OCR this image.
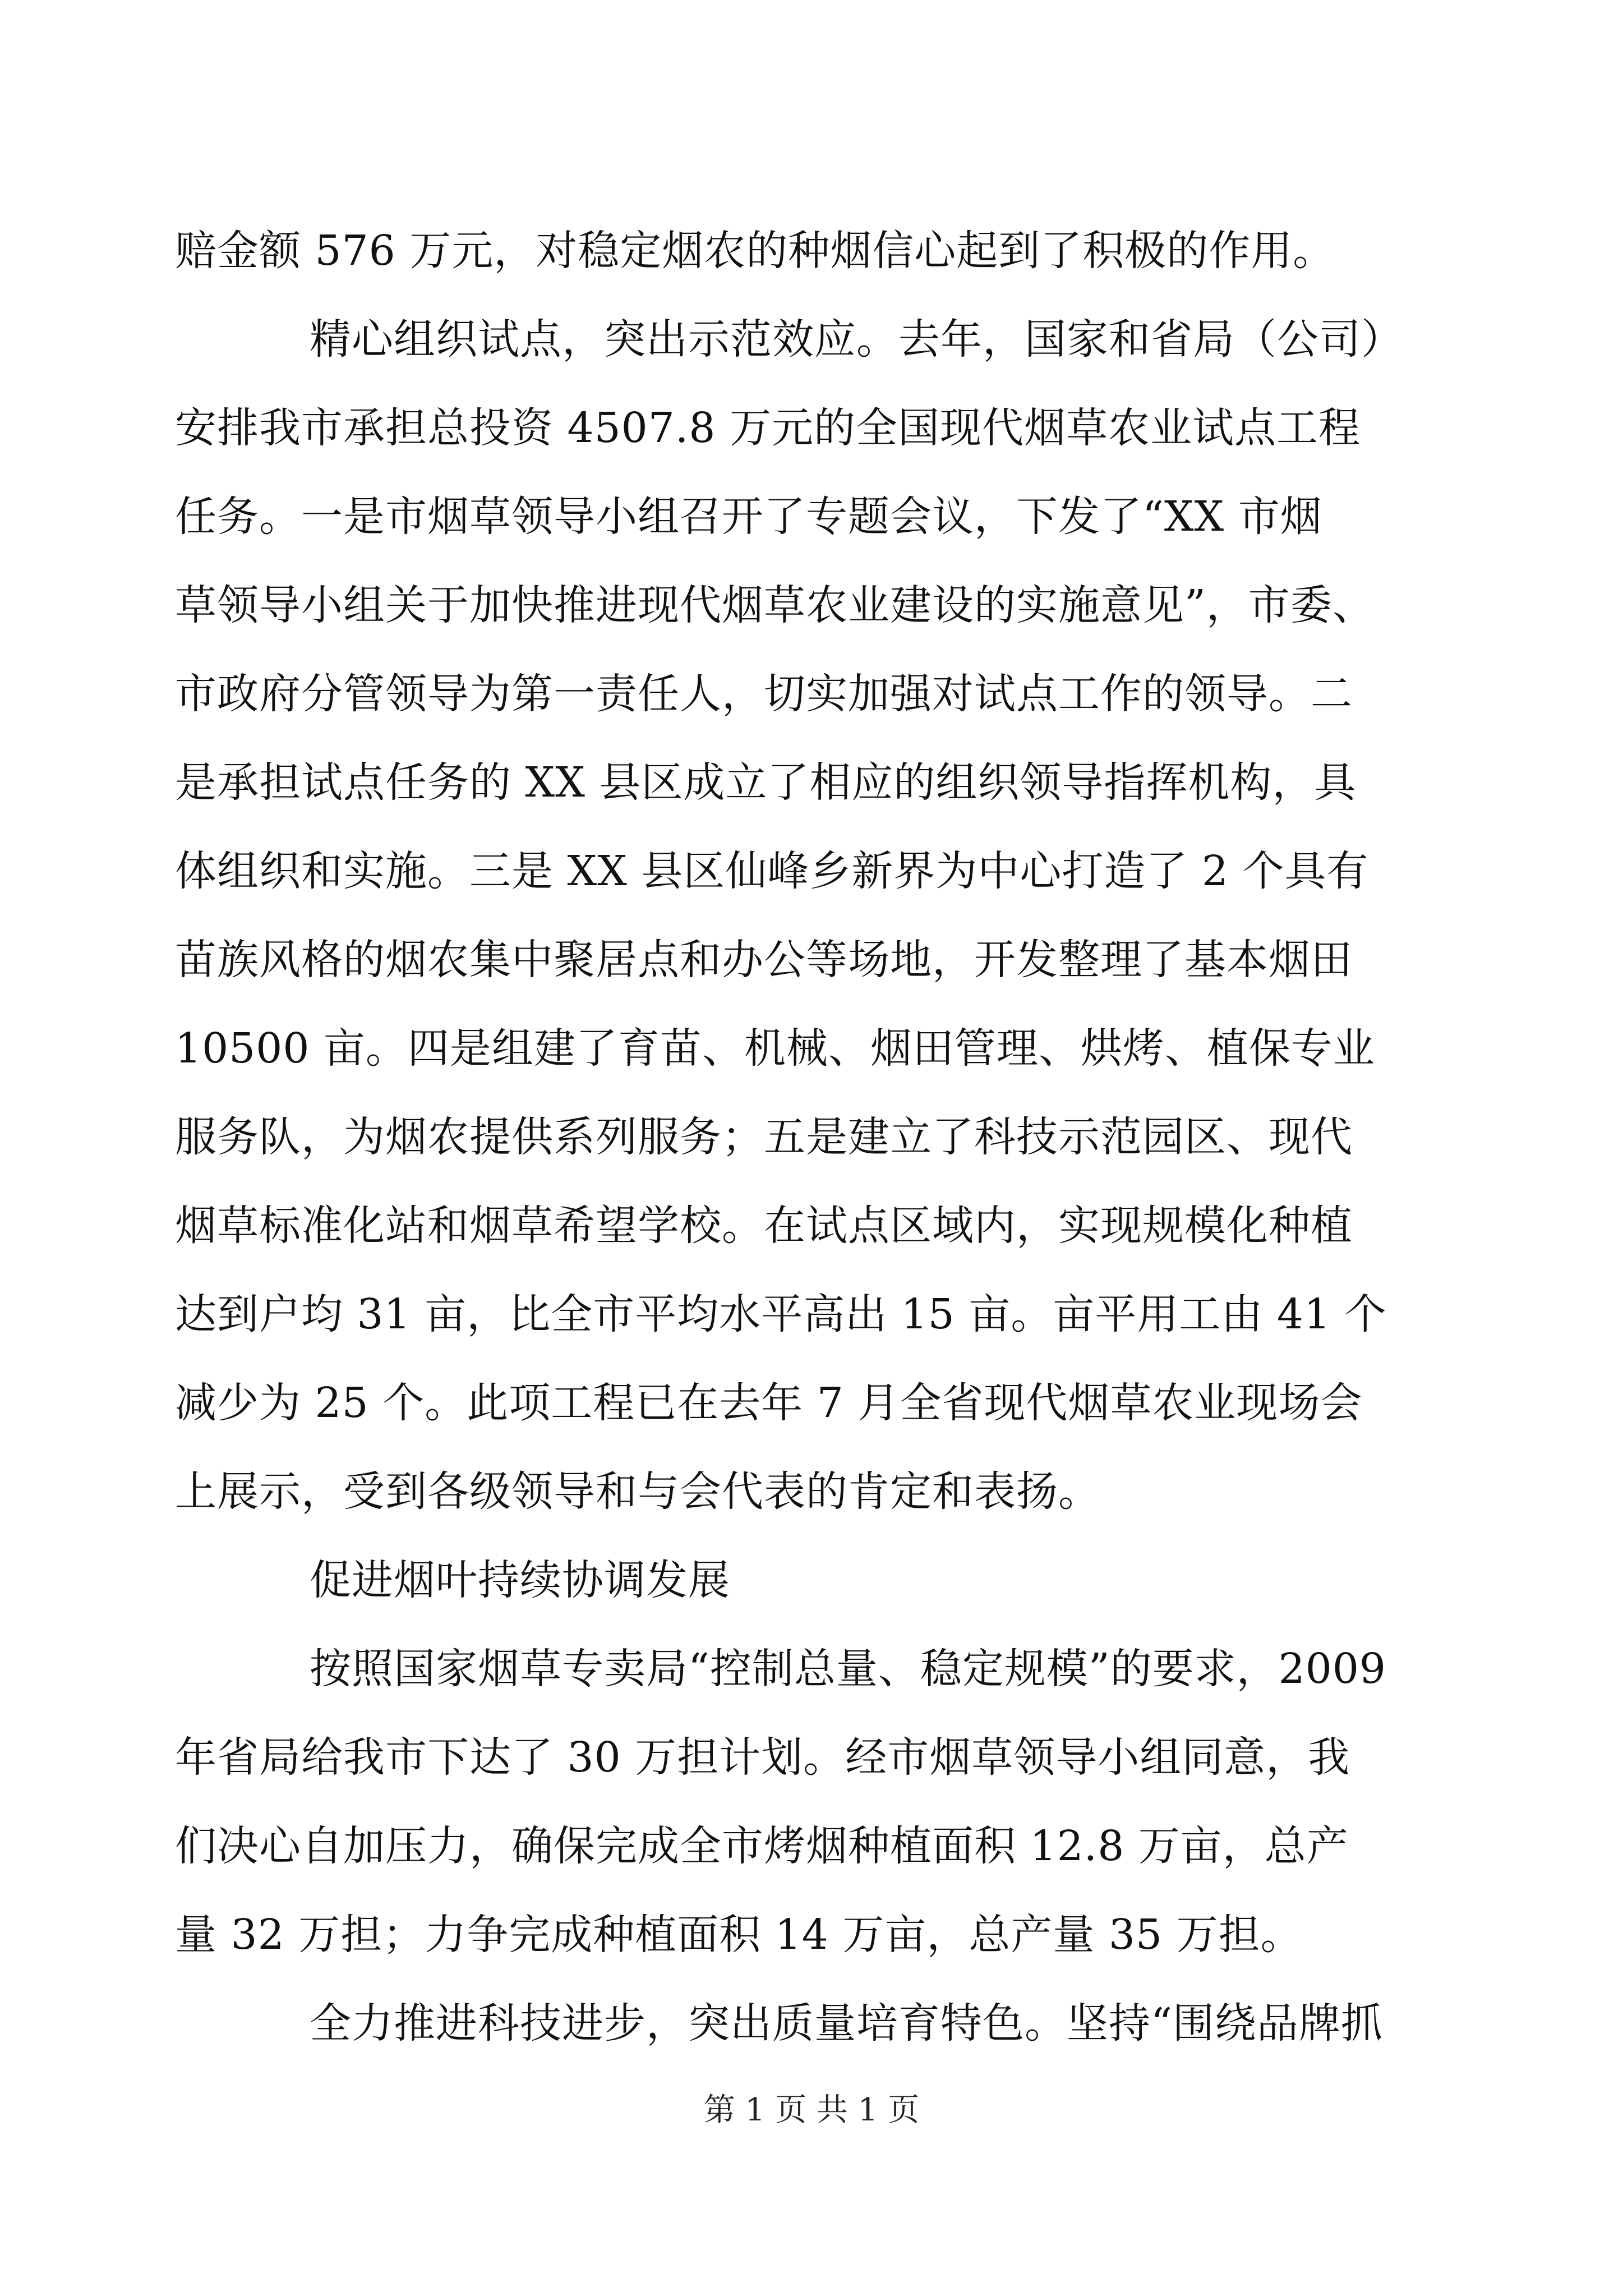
赔金额 576 万元，对稳定烟农的种烟信心起到了积极的作用。
精心组织试点，突出示范效应。去年，国家和省局（公司）
安排我市承担总投资 4507.8 万元的全国现代烟草农业试点工程
任务。一是市烟草领导小组召开了专题会议，下发了“XX 市烟
草领导小组关于加快推进现代烟草农业建设的实施意见”，市委、
市政府分管领导为第一责任人，切实加强对试点工作的领导。二
是承担试点任务的 XX 县区成立了相应的组织领导指挥机构，具
体组织和实施。三是 XX 县区仙峰乡新界为中心打造了 2 个具有
苗族风格的烟农集中聚居点和办公等场地，开发整理了基本烟田
10500 亩。四是组建了育苗、机械、烟田管理、烘烤、植保专业
服务队，为烟农提供系列服务；五是建立了科技示范园区、现代
烟草标准化站和烟草希望学校。在试点区域内，实现规模化种植
达到户均 31 亩，比全市平均水平高出 15 亩。亩平用工由 41 个
减少为 25 个。此项工程已在去年 7 月全省现代烟草农业现场会
上展示，受到各级领导和与会代表的肯定和表扬。
促进烟叶持续协调发展
按照国家烟草专卖局“控制总量、稳定规模”的要求，2009
年省局给我市下达了 30 万担计划。经市烟草领导小组同意，我
们决心自加压力，确保完成全市烤烟种植面积 12.8 万亩，总产
量 32 万担；力争完成种植面积 14 万亩，总产量 35 万担。
全力推进科技进步，突出质量培育特色。坚持“围绕品牌抓
第 1 页 共 1 页
